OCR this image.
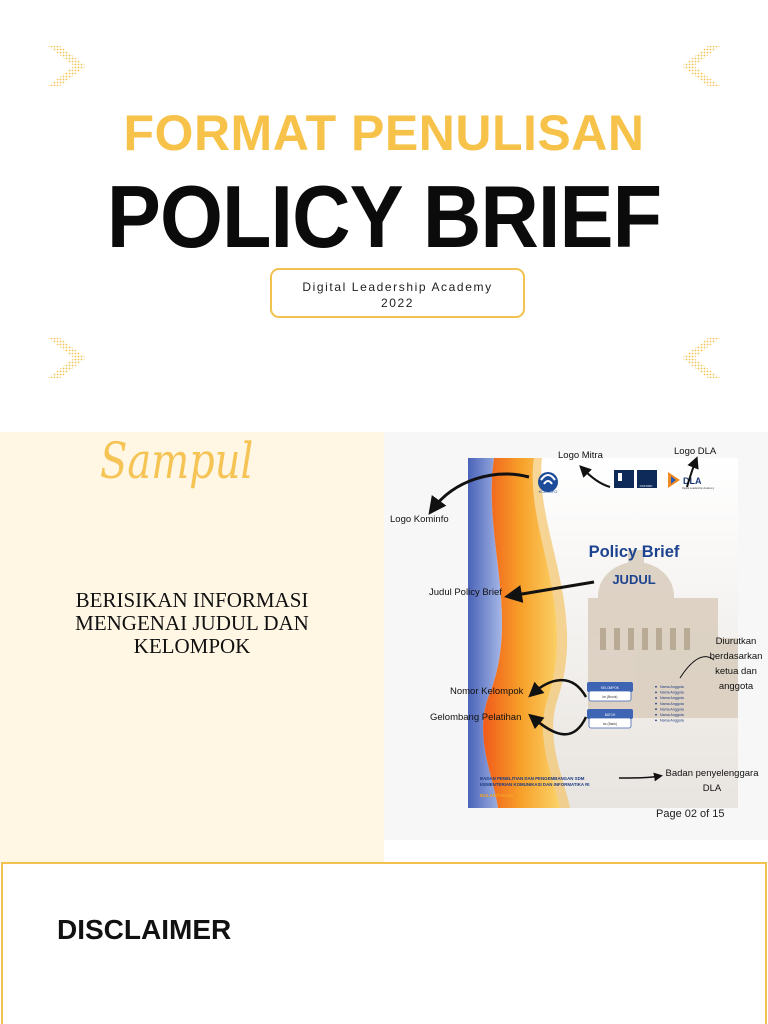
FORMAT PENULISAN
POLICY BRIEF
Digital Leadership Academy
2022
Sampul
BERISIKAN INFORMASI MENGENAI JUDUL DAN KELOMPOK
KOMINFO
OXFORD	DLA
Digital Leadership Academy
Policy Brief
JUDUL
KELOMPOK
ke-(Brunk)
BATCH
ke-(Bank)
Nama Anggota
Nama Anggota
Nama Anggota
Nama Anggota
Nama Anggota
Nama Anggota
Nama Anggota
BADAN PENELITIAN DAN PENGEMBANGAN SDM
KEMENTERIAN KOMUNIKASI DAN INFORMATIKA RI
BULAN/TAHUN
Logo Mitra	Logo DLA
Logo Kominfo
Judul Policy Brief
Diurutkan berdasarkan ketua dan anggota
Nomor Kelompok
Gelombang Pelatihan
Badan penyelenggara DLA
Page 02 of 15
DISCLAIMER
